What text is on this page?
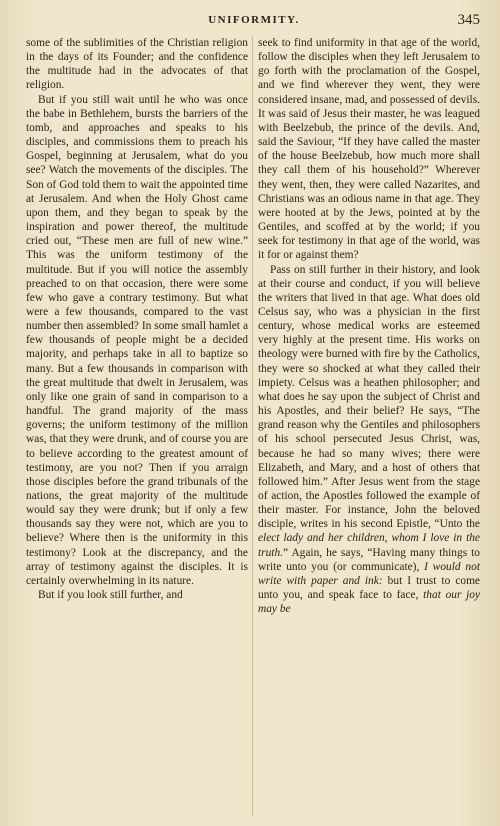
UNIFORMITY.	345

some of the sublimities of the Christian religion in the days of its Founder; and the confidence the multitude had in the advocates of that religion.

But if you still wait until he who was once the babe in Bethlehem, bursts the barriers of the tomb, and approaches and speaks to his disciples, and commissions them to preach his Gospel, beginning at Jerusalem, what do you see? Watch the movements of the disciples. The Son of God told them to wait the appointed time at Jerusalem. And when the Holy Ghost came upon them, and they began to speak by the inspiration and power thereof, the multitude cried out, “These men are full of new wine.” This was the uniform testimony of the multitude. But if you will notice the assembly preached to on that occasion, there were some few who gave a contrary testimony. But what were a few thousands, compared to the vast number then assembled? In some small hamlet a few thousands of people might be a decided majority, and perhaps take in all to baptize so many. But a few thousands in comparison with the great multitude that dwelt in Jerusalem, was only like one grain of sand in comparison to a handful. The grand majority of the mass governs; the uniform testimony of the million was, that they were drunk, and of course you are to believe according to the greatest amount of testimony, are you not? Then if you arraign those disciples before the grand tribunals of the nations, the great majority of the multitude would say they were drunk; but if only a few thousands say they were not, which are you to believe? Where then is the uniformity in this testimony? Look at the discrepancy, and the array of testimony against the disciples. It is certainly overwhelming in its nature.

But if you look still further, and

seek to find uniformity in that age of the world, follow the disciples when they left Jerusalem to go forth with the proclamation of the Gospel, and we find wherever they went, they were considered insane, mad, and possessed of devils. It was said of Jesus their master, he was leagued with Beelzebub, the prince of the devils. And, said the Saviour, “If they have called the master of the house Beelzebub, how much more shall they call them of his household?” Wherever they went, then, they were called Nazarites, and Christians was an odious name in that age. They were hooted at by the Jews, pointed at by the Gentiles, and scoffed at by the world; if you seek for testimony in that age of the world, was it for or against them?

Pass on still further in their history, and look at their course and conduct, if you will believe the writers that lived in that age. What does old Celsus say, who was a physician in the first century, whose medical works are esteemed very highly at the present time. His works on theology were burned with fire by the Catholics, they were so shocked at what they called their impiety. Celsus was a heathen philosopher; and what does he say upon the subject of Christ and his Apostles, and their belief? He says, “The grand reason why the Gentiles and philosophers of his school persecuted Jesus Christ, was, because he had so many wives; there were Elizabeth, and Mary, and a host of others that followed him.” After Jesus went from the stage of action, the Apostles followed the example of their master. For instance, John the beloved disciple, writes in his second Epistle, “Unto the elect lady and her children, whom I love in the truth.” Again, he says, “Having many things to write unto you (or communicate), I would not write with paper and ink: but I trust to come unto you, and speak face to face, that our joy may be
